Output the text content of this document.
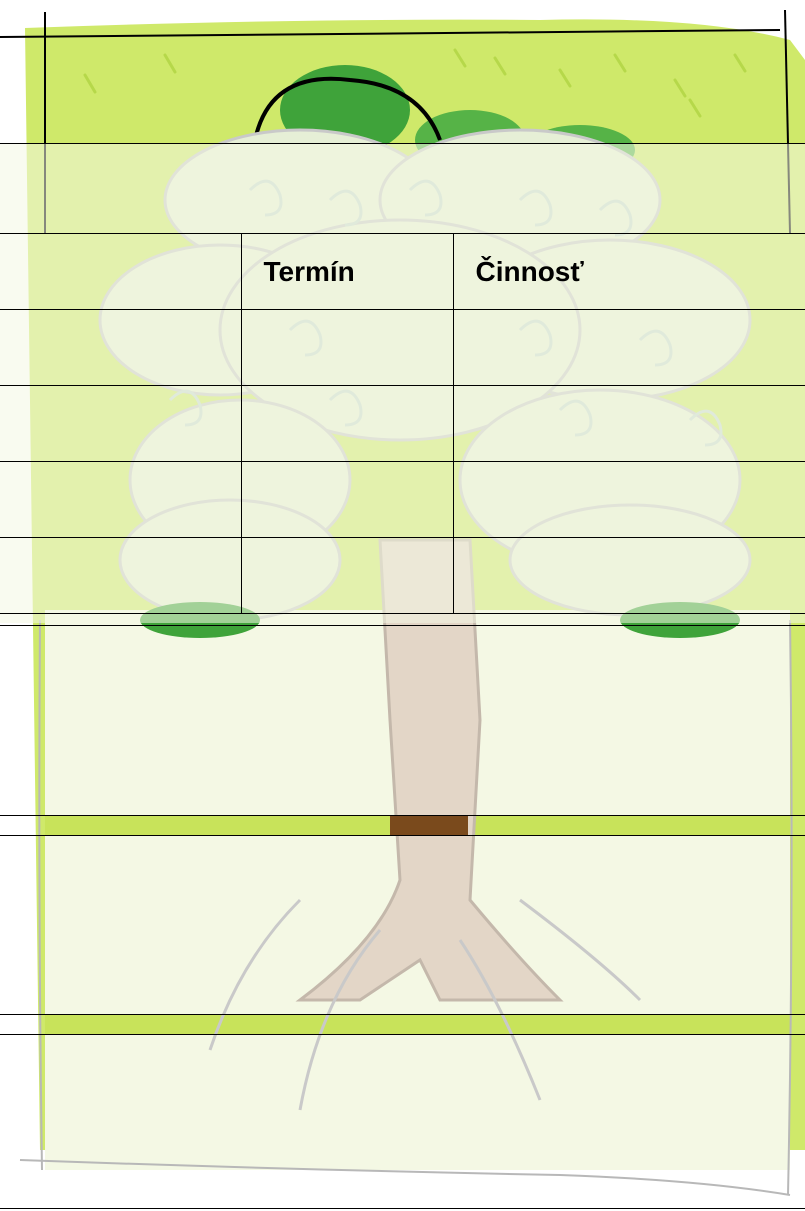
	Termín	Činnosť
